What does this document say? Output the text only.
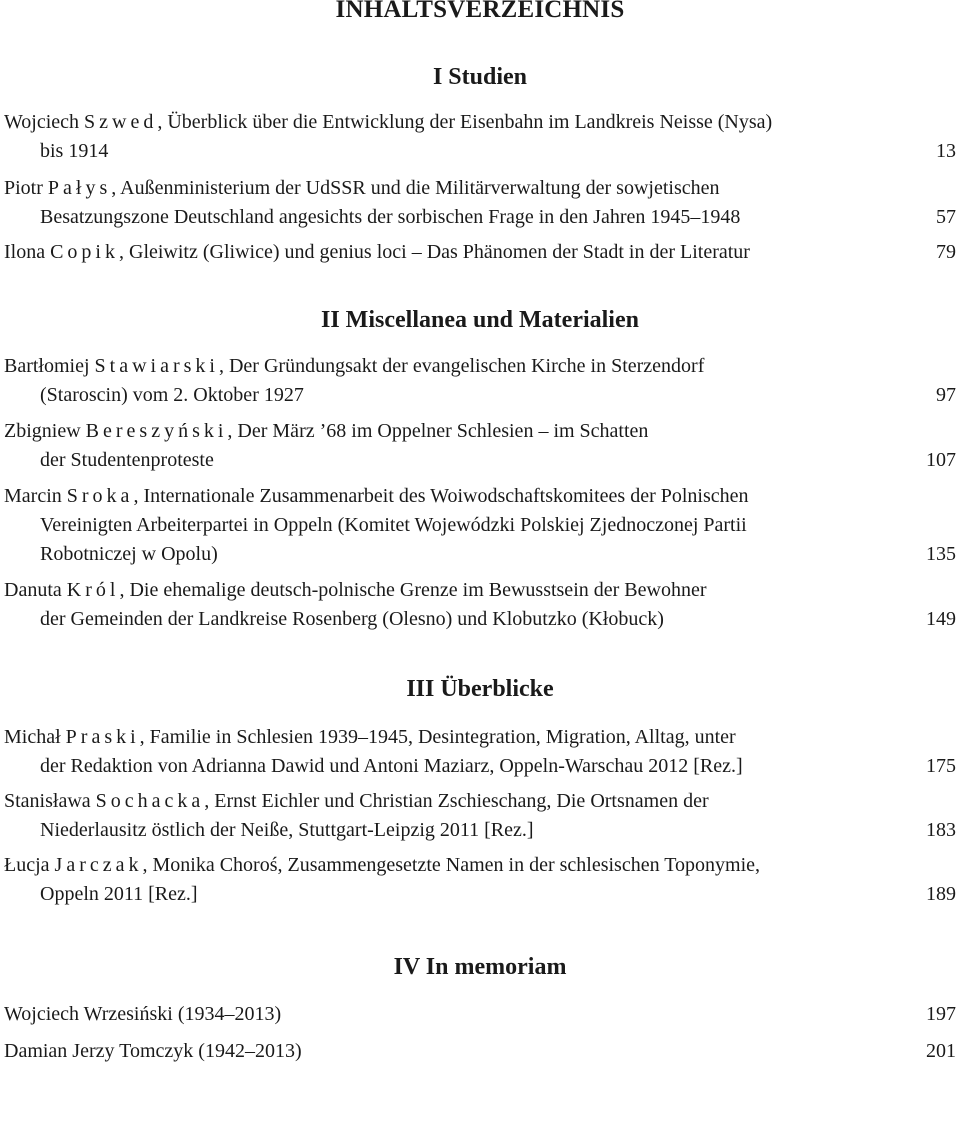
INHALTSVERZEICHNIS
I Studien
Wojciech Szwed, Überblick über die Entwicklung der Eisenbahn im Landkreis Neisse (Nysa)
bis 1914	13
Piotr Pałys, Außenministerium der UdSSR und die Militärverwaltung der sowjetischen
Besatzungszone Deutschland angesichts der sorbischen Frage in den Jahren 1945–1948	57
Ilona Copik, Gleiwitz (Gliwice) und genius loci – Das Phänomen der Stadt in der Literatur	79
II Miscellanea und Materialien
Bartłomiej Stawiarski, Der Gründungsakt der evangelischen Kirche in Sterzendorf
(Staroscin) vom 2. Oktober 1927	97
Zbigniew Bereszyński, Der März ’68 im Oppelner Schlesien – im Schatten
der Studentenproteste	107
Marcin Sroka, Internationale Zusammenarbeit des Woiwodschaftskomitees der Polnischen
Vereinigten Arbeiterpartei in Oppeln (Komitet Wojewódzki Polskiej Zjednoczonej Partii
Robotniczej w Opolu)	135
Danuta Król, Die ehemalige deutsch-polnische Grenze im Bewusstsein der Bewohner
der Gemeinden der Landkreise Rosenberg (Olesno) und Klobutzko (Kłobuck)	149
III Überblicke
Michał Praski, Familie in Schlesien 1939–1945, Desintegration, Migration, Alltag, unter
der Redaktion von Adrianna Dawid und Antoni Maziarz, Oppeln-Warschau 2012 [Rez.]	175
Stanisława Sochacka, Ernst Eichler und Christian Zschieschang, Die Ortsnamen der
Niederlausitz östlich der Neiße, Stuttgart-Leipzig 2011 [Rez.]	183
Łucja Jarczak, Monika Choroś, Zusammengesetzte Namen in der schlesischen Toponymie,
Oppeln 2011 [Rez.]	189
IV In memoriam
Wojciech Wrzesiński (1934–2013)	197
Damian Jerzy Tomczyk (1942–2013)	201
